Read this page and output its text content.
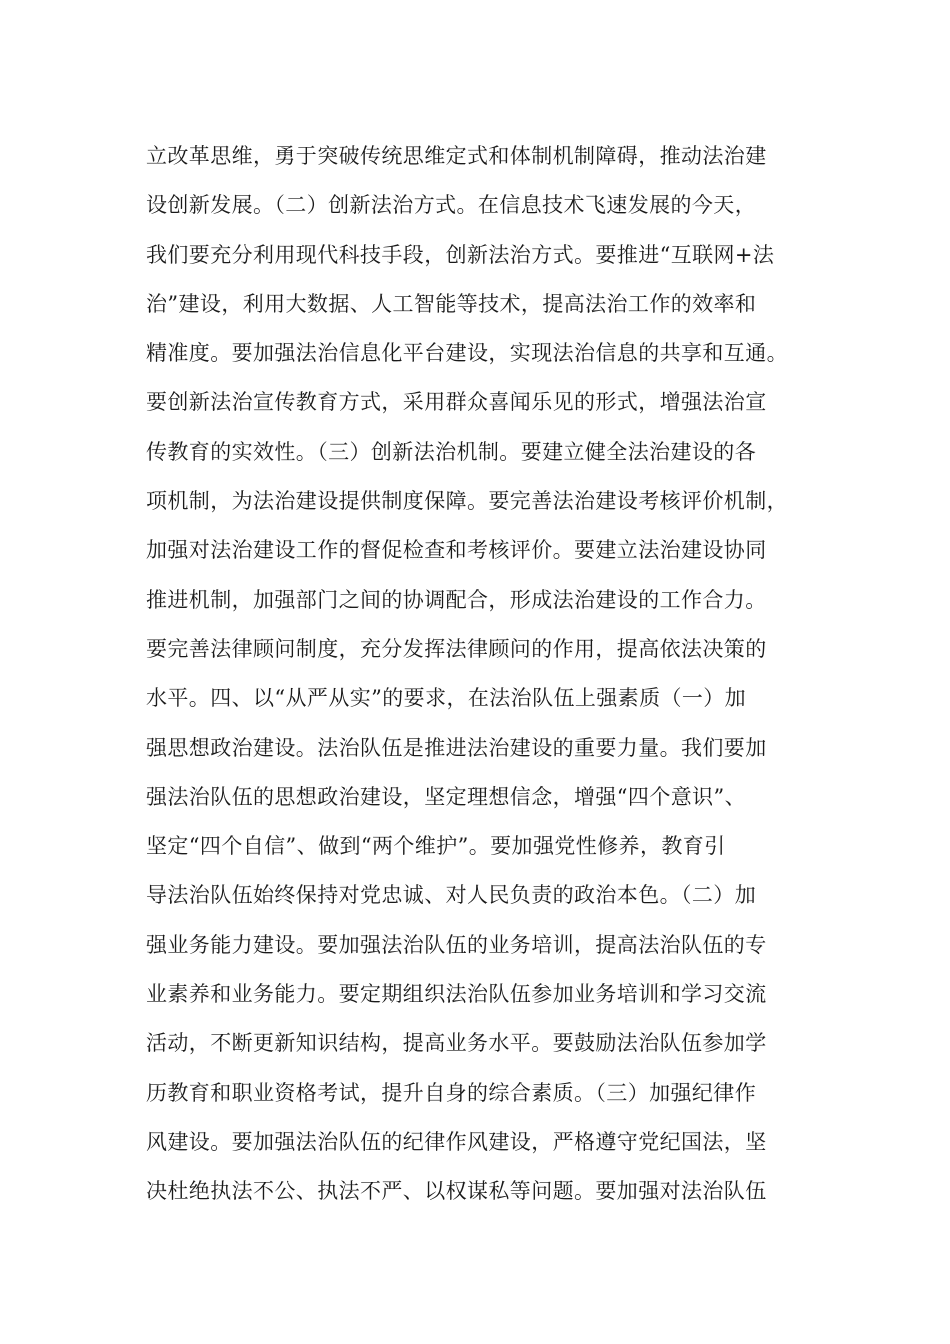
立改革思维，勇于突破传统思维定式和体制机制障碍，推动法治建
设创新发展。（二）创新法治方式。在信息技术飞速发展的今天，
我们要充分利用现代科技手段，创新法治方式。要推进“互联网+法
治”建设，利用大数据、人工智能等技术，提高法治工作的效率和
精准度。要加强法治信息化平台建设，实现法治信息的共享和互通。
要创新法治宣传教育方式，采用群众喜闻乐见的形式，增强法治宣
传教育的实效性。（三）创新法治机制。要建立健全法治建设的各
项机制，为法治建设提供制度保障。要完善法治建设考核评价机制，
加强对法治建设工作的督促检查和考核评价。要建立法治建设协同
推进机制，加强部门之间的协调配合，形成法治建设的工作合力。
要完善法律顾问制度，充分发挥法律顾问的作用，提高依法决策的
水平。四、以“从严从实”的要求，在法治队伍上强素质（一）加
强思想政治建设。法治队伍是推进法治建设的重要力量。我们要加
强法治队伍的思想政治建设，坚定理想信念，增强“四个意识”、
坚定“四个自信”、做到“两个维护”。要加强党性修养，教育引
导法治队伍始终保持对党忠诚、对人民负责的政治本色。（二）加
强业务能力建设。要加强法治队伍的业务培训，提高法治队伍的专
业素养和业务能力。要定期组织法治队伍参加业务培训和学习交流
活动，不断更新知识结构，提高业务水平。要鼓励法治队伍参加学
历教育和职业资格考试，提升自身的综合素质。（三）加强纪律作
风建设。要加强法治队伍的纪律作风建设，严格遵守党纪国法，坚
决杜绝执法不公、执法不严、以权谋私等问题。要加强对法治队伍
